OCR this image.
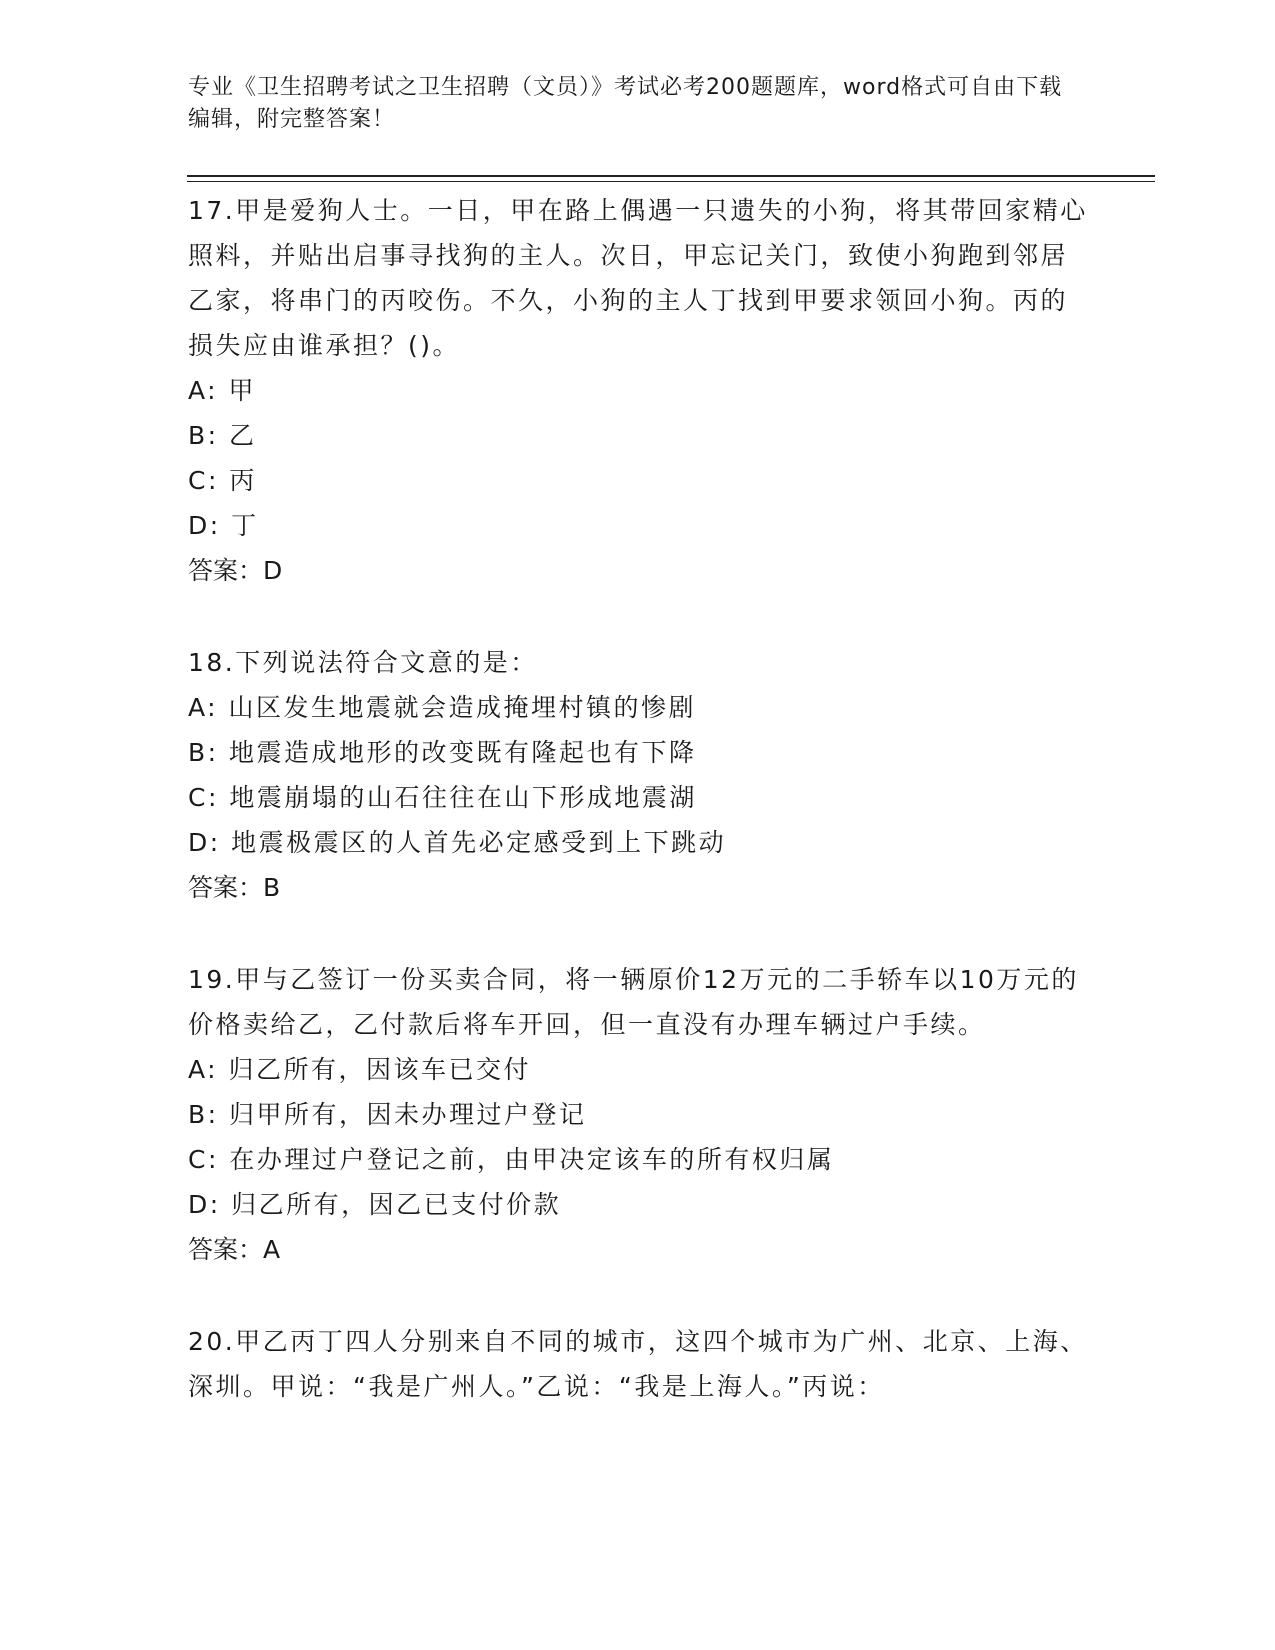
专业《卫生招聘考试之卫生招聘（文员）》考试必考200题题库，word格式可自由下载编辑，附完整答案！
17.甲是爱狗人士。一日，甲在路上偶遇一只遗失的小狗，将其带回家精心照料，并贴出启事寻找狗的主人。次日，甲忘记关门，致使小狗跑到邻居乙家，将串门的丙咬伤。不久，小狗的主人丁找到甲要求领回小狗。丙的损失应由谁承担？()。
A: 甲
B: 乙
C: 丙
D: 丁
答案：D
18.下列说法符合文意的是：
A: 山区发生地震就会造成掩埋村镇的惨剧
B: 地震造成地形的改变既有隆起也有下降
C: 地震崩塌的山石往往在山下形成地震湖
D: 地震极震区的人首先必定感受到上下跳动
答案：B
19.甲与乙签订一份买卖合同，将一辆原价12万元的二手轿车以10万元的价格卖给乙，乙付款后将车开回，但一直没有办理车辆过户手续。
A: 归乙所有，因该车已交付
B: 归甲所有，因未办理过户登记
C: 在办理过户登记之前，由甲决定该车的所有权归属
D: 归乙所有，因乙已支付价款
答案：A
20.甲乙丙丁四人分别来自不同的城市，这四个城市为广州、北京、上海、深圳。甲说：“我是广州人。”乙说：“我是上海人。”丙说：
